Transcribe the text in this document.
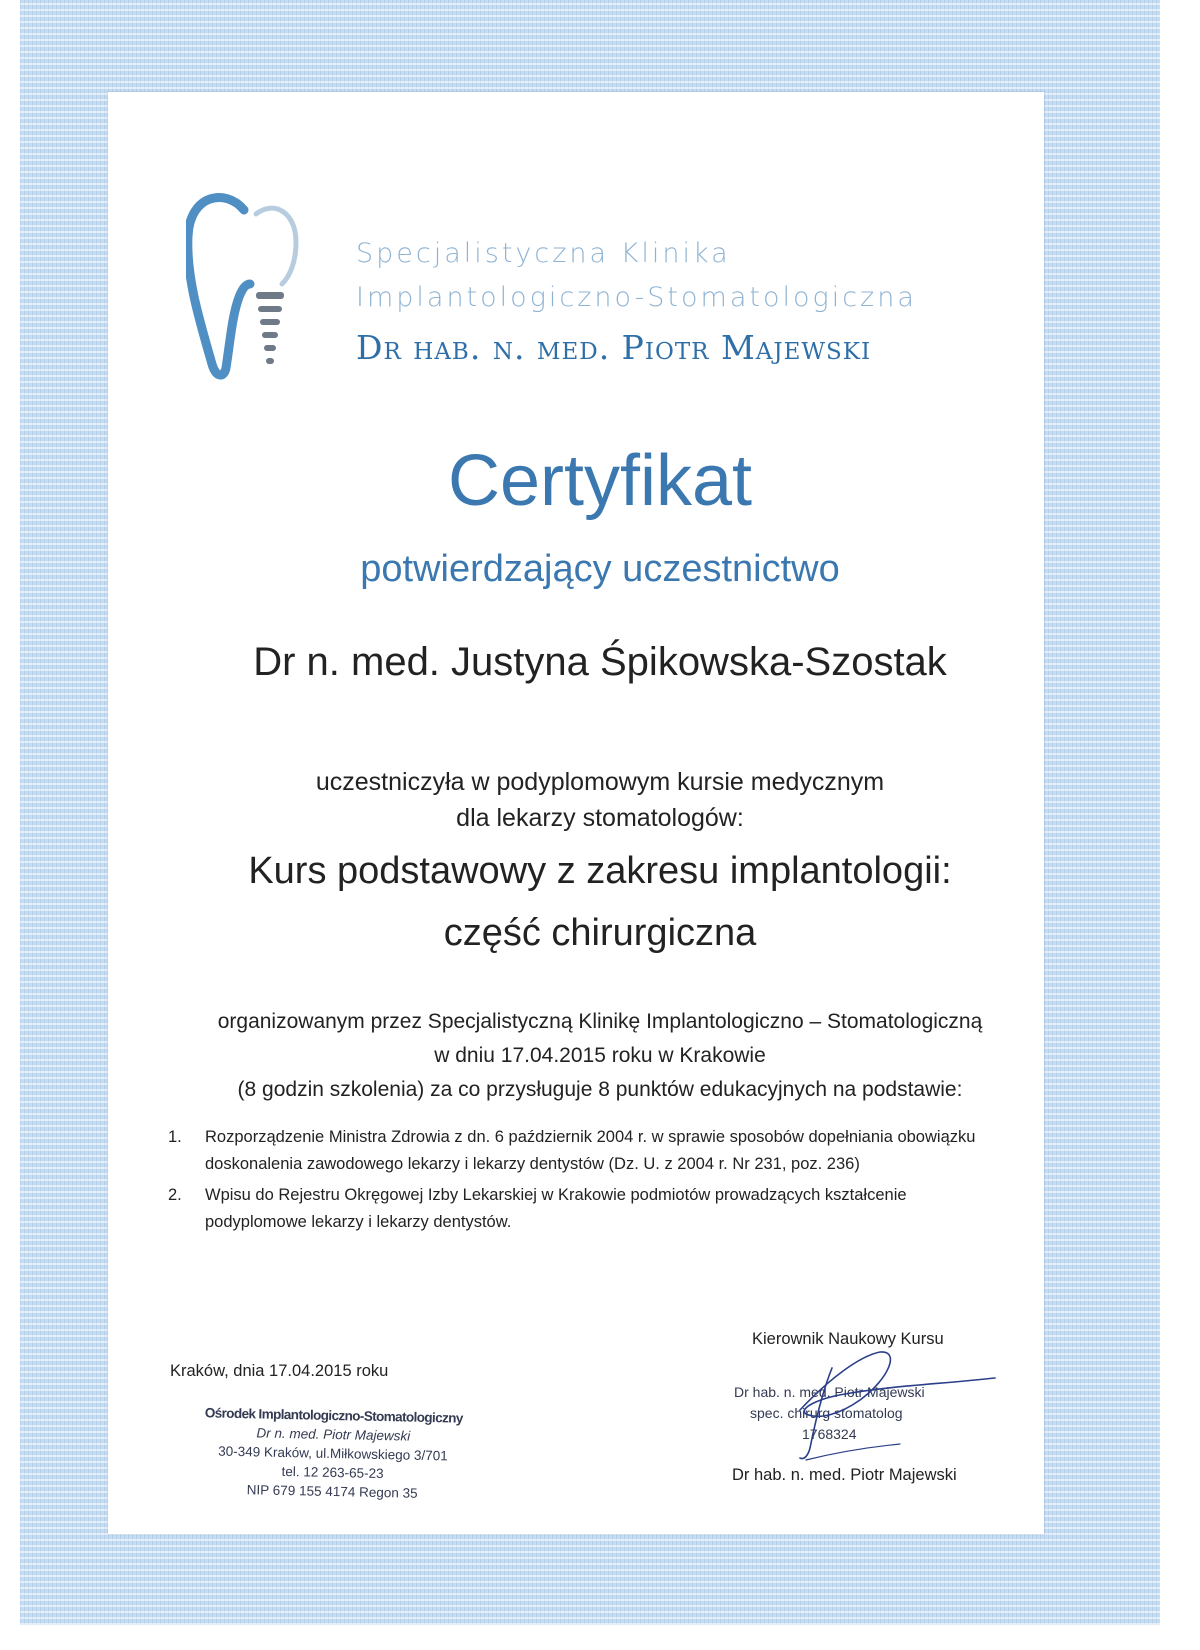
Specjalistyczna Klinika
Implantologiczno-Stomatologiczna
Dr hab. n. med. Piotr Majewski
Certyfikat
potwierdzający uczestnictwo
Dr n. med. Justyna Śpikowska-Szostak
uczestniczyła w podyplomowym kursie medycznym
dla lekarzy stomatologów:
Kurs podstawowy z zakresu implantologii:
część chirurgiczna
organizowanym przez Specjalistyczną Klinikę Implantologiczno – Stomatologiczną
w dniu 17.04.2015 roku w Krakowie
(8 godzin szkolenia) za co przysługuje 8 punktów edukacyjnych na podstawie:
1. Rozporządzenie Ministra Zdrowia z dn. 6 październik 2004 r. w sprawie sposobów dopełniania obowiązku doskonalenia zawodowego lekarzy i lekarzy dentystów (Dz. U. z 2004 r. Nr 231, poz. 236)
2. Wpisu do Rejestru Okręgowej Izby Lekarskiej w Krakowie podmiotów prowadzących kształcenie podyplomowe lekarzy i lekarzy dentystów.
Kraków, dnia 17.04.2015 roku
Ośrodek Implantologiczno-Stomatologiczny
Dr n. med. Piotr Majewski
30-349 Kraków, ul.Miłkowskiego 3/701
tel. 12 263-65-23
NIP 679 155 4174 Regon 35
Kierownik Naukowy Kursu
Dr hab. n. med. Piotr Majewski
spec. chirurg stomatolog
1768324
Dr hab. n. med. Piotr Majewski
